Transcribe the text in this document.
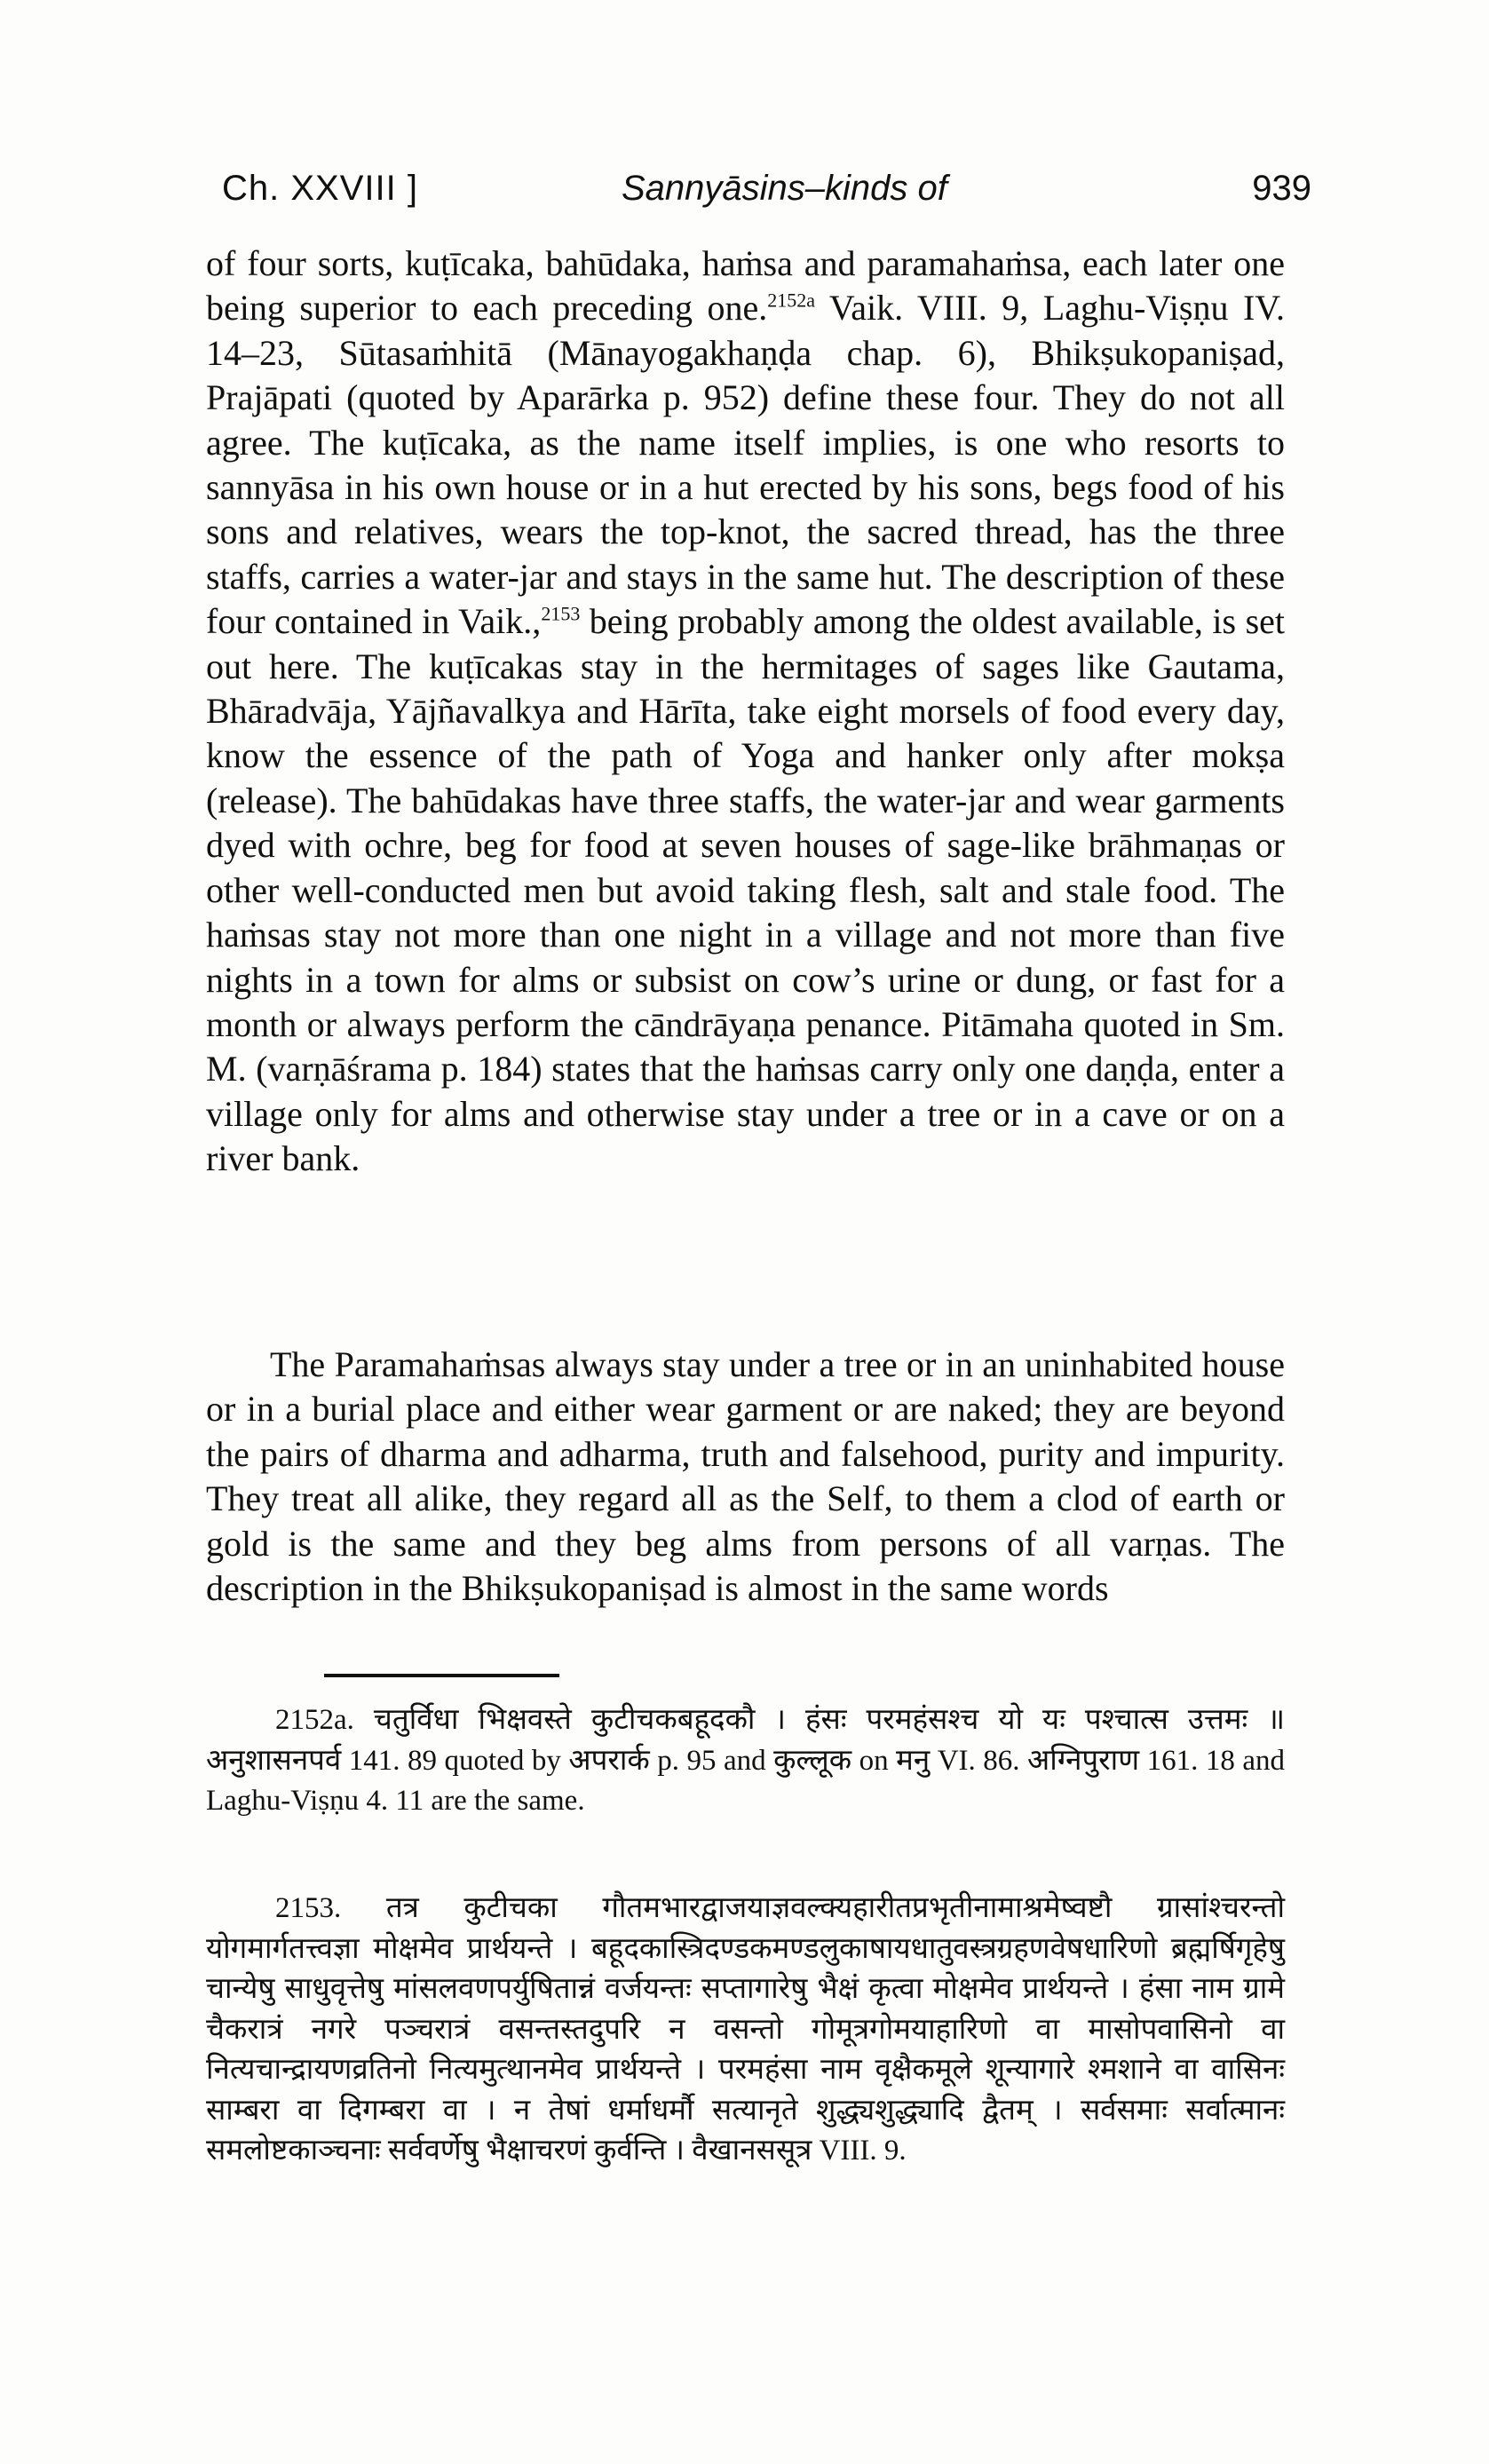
Ch. XXVIII ]	Sannyāsins–kinds of	939

of four sorts, kuṭīcaka, bahūdaka, haṁsa and paramahaṁsa, each later one being superior to each preceding one.$^{2152a}$ Vaik. VIII. 9, Laghu-Viṣṇu IV. 14–23, Sūtasaṁhitā (Mānayogakhaṇḍa chap. 6), Bhikṣukopaniṣad, Prajāpati (quoted by Aparārka p. 952) define these four. They do not all agree. The kuṭīcaka, as the name itself implies, is one who resorts to sannyāsa in his own house or in a hut erected by his sons, begs food of his sons and relatives, wears the top-knot, the sacred thread, has the three staffs, carries a water-jar and stays in the same hut. The description of these four contained in Vaik.,$^{2153}$ being probably among the oldest available, is set out here. The kuṭīcakas stay in the hermitages of sages like Gautama, Bhāradvāja, Yājñavalkya and Hārīta, take eight morsels of food every day, know the essence of the path of Yoga and hanker only after mokṣa (release). The bahūdakas have three staffs, the water-jar and wear garments dyed with ochre, beg for food at seven houses of sage-like brāhmaṇas or other well-conducted men but avoid taking flesh, salt and stale food. The haṁsas stay not more than one night in a village and not more than five nights in a town for alms or subsist on cow’s urine or dung, or fast for a month or always perform the cāndrāyaṇa penance. Pitāmaha quoted in Sm. M. (varṇāśrama p. 184) states that the haṁsas carry only one daṇḍa, enter a village only for alms and otherwise stay under a tree or in a cave or on a river bank.

The Paramahaṁsas always stay under a tree or in an uninhabited house or in a burial place and either wear garment or are naked; they are beyond the pairs of dharma and adharma, truth and falsehood, purity and impurity. They treat all alike, they regard all as the Self, to them a clod of earth or gold is the same and they beg alms from persons of all varṇas. The description in the Bhikṣukopaniṣad is almost in the same words

2152a. चतुर्विधा भिक्षवस्ते कुटीचकबहूदकौ । हंसः परमहंसश्च यो यः पश्चात्स उत्तमः ॥ अनुशासनपर्व 141. 89 quoted by अपरार्क p. 95 and कुल्लूक on मनु VI. 86. अग्निपुराण 161. 18 and Laghu-Viṣṇu 4. 11 are the same.

2153. तत्र कुटीचका गौतमभारद्वाजयाज्ञवल्क्यहारीतप्रभृतीनामाश्रमेष्वष्टौ ग्रासांश्चरन्तो योगमार्गतत्त्वज्ञा मोक्षमेव प्रार्थयन्ते । बहूदकास्त्रिदण्डकमण्डलुकाषायधातुवस्त्रग्रहणवेषधारिणो ब्रह्मर्षिगृहेषु चान्येषु साधुवृत्तेषु मांसलवणपर्युषितान्नं वर्जयन्तः सप्तागारेषु भैक्षं कृत्वा मोक्षमेव प्रार्थयन्ते । हंसा नाम ग्रामे चैकरात्रं नगरे पञ्चरात्रं वसन्तस्तदुपरि न वसन्तो गोमूत्रगोमयाहारिणो वा मासोपवासिनो वा नित्यचान्द्रायणव्रतिनो नित्यमुत्थानमेव प्रार्थयन्ते । परमहंसा नाम वृक्षैकमूले शून्यागारे श्मशाने वा वासिनः साम्बरा वा दिगम्बरा वा । न तेषां धर्माधर्मौ सत्यानृते शुद्ध्यशुद्ध्यादि द्वैतम् । सर्वसमाः सर्वात्मानः समलोष्टकाञ्चनाः सर्ववर्णेषु भैक्षाचरणं कुर्वन्ति । वैखानससूत्र VIII. 9.
